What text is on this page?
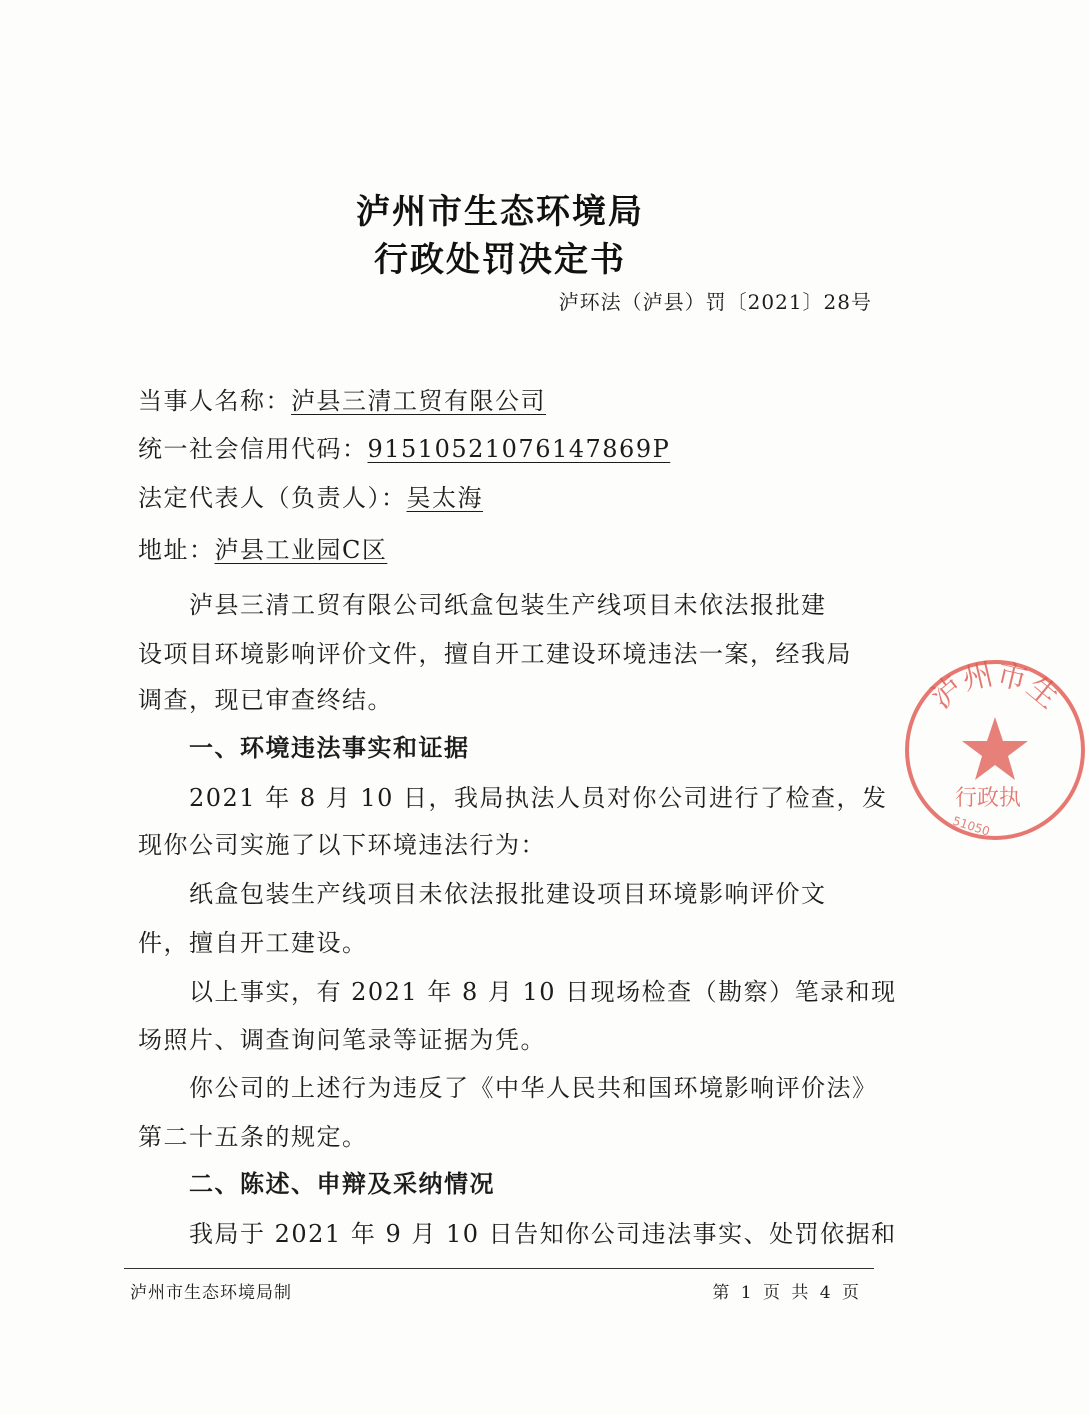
泸州市生态环境局
行政处罚决定书
泸环法（泸县）罚〔2021〕28号
当事人名称：泸县三清工贸有限公司
统一社会信用代码：91510521076147869P
法定代表人（负责人）：吴太海
地址：泸县工业园C区
　　泸县三清工贸有限公司纸盒包装生产线项目未依法报批建
设项目环境影响评价文件，擅自开工建设环境违法一案，经我局
调查，现已审查终结。
　　一、环境违法事实和证据
　　2021 年 8 月 10 日，我局执法人员对你公司进行了检查，发
现你公司实施了以下环境违法行为：
　　纸盒包装生产线项目未依法报批建设项目环境影响评价文
件，擅自开工建设。
　　以上事实，有 2021 年 8 月 10 日现场检查（勘察）笔录和现
场照片、调查询问笔录等证据为凭。
　　你公司的上述行为违反了《中华人民共和国环境影响评价法》
第二十五条的规定。
　　二、陈述、申辩及采纳情况
　　我局于 2021 年 9 月 10 日告知你公司违法事实、处罚依据和
泸州市生态环境局制	第 1 页 共 4 页
泸州市生
行政执
51050
